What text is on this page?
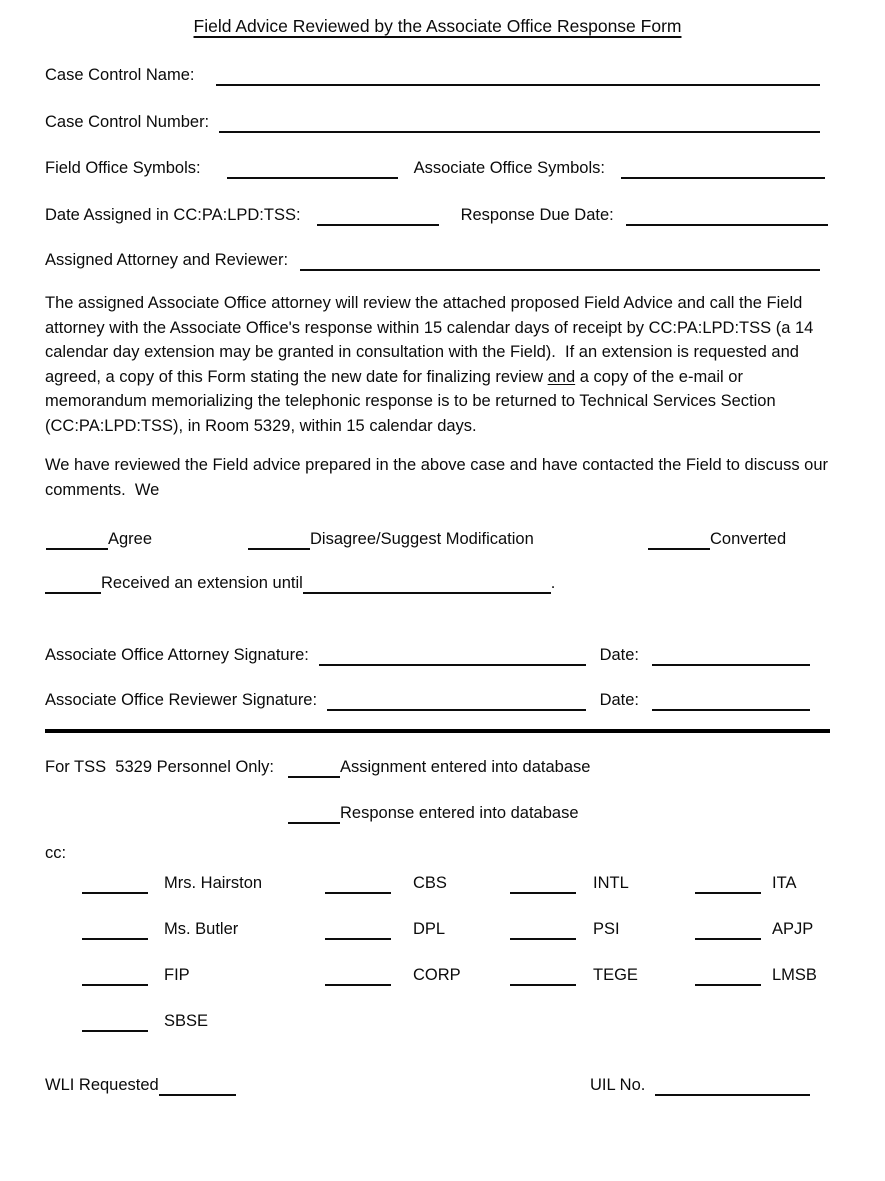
Field Advice Reviewed by the Associate Office Response Form
Case Control Name:
Case Control Number:
Field Office Symbols:	Associate Office Symbols:
Date Assigned in CC:PA:LPD:TSS:	Response Due Date:
Assigned Attorney and Reviewer:
The assigned Associate Office attorney will review the attached proposed Field Advice and call the Field attorney with the Associate Office's response within 15 calendar days of receipt by CC:PA:LPD:TSS (a 14 calendar day extension may be granted in consultation with the Field).  If an extension is requested and agreed, a copy of this Form stating the new date for finalizing review and a copy of the e-mail or memorandum memorializing the telephonic response is to be returned to Technical Services Section (CC:PA:LPD:TSS), in Room 5329, within 15 calendar days.
We have reviewed the Field advice prepared in the above case and have contacted the Field to discuss our comments.  We
Agree	Disagree/Suggest Modification	Converted
Received an extension until	.
Associate Office Attorney Signature:	Date:
Associate Office Reviewer Signature:	Date:
For TSS  5329 Personnel Only:	Assignment entered into database
Response entered into database
cc:
Mrs. Hairston	CBS	INTL	ITA
Ms. Butler	DPL	PSI	APJP
FIP	CORP	TEGE	LMSB
SBSE
WLI Requested	UIL No.
